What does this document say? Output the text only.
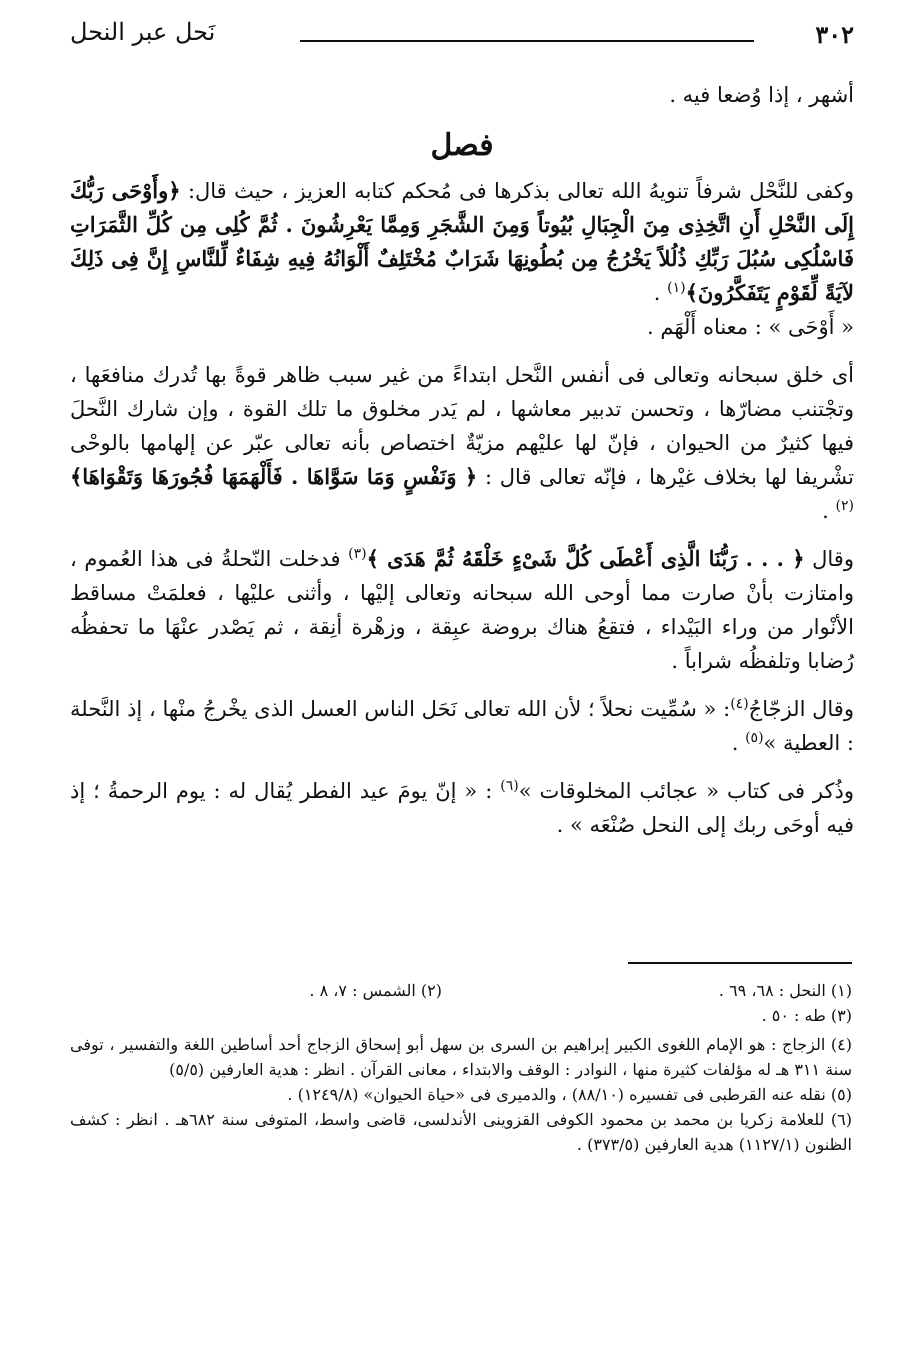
٣٠٢
نَحل عبر النحل

أشهر ، إذا وُضعا فيه .

فصل

وكفى للنَّحْل شرفاً تنويهُ الله تعالى بذكرها فى مُحكم كتابه العزيز ، حيث قال: ﴿وأَوْحَى رَبُّكَ إِلَى النَّحْلِ أَنِ اتَّخِذِى مِنَ الْجِبَالِ بُيُوتاً وَمِنَ الشَّجَرِ وَمِمَّا يَعْرِشُونَ . ثُمَّ كُلِى مِن كُلِّ الثَّمَرَاتِ فَاسْلُكِى سُبُلَ رَبِّكِ ذُلُلاً يَخْرُجُ مِن بُطُونِهَا شَرَابٌ مُخْتَلِفٌ أَلْوَانُهُ فِيهِ شِفَاءٌ لِّلنَّاسِ إِنَّ فِى ذَلِكَ لآيَةً لِّقَوْمٍ يَتَفَكَّرُونَ﴾$^{(١)}$ .

« أَوْحَى » : معناه أَلْهَم .

أى خلق سبحانه وتعالى فى أنفس النَّحل ابتداءً من غير سبب ظاهر قوةً بها تُدرك منافعَها ، وتجْتنب مضارّها ، وتحسن تدبير معاشها ، لم يَدر مخلوق ما تلك القوة ، وإن شارك النَّحلَ فيها كثيرٌ من الحيوان ، فإنّ لها عليْهم مزيّةٌ اختصاص بأنه تعالى عبّر عن إلهامها بالوحْى تشْريفا لها بخلاف غيْرها ، فإنّه تعالى قال : ﴿ وَنَفْسٍ وَمَا سَوَّاهَا . فَأَلْهَمَهَا فُجُورَهَا وَتَقْوَاهَا﴾$^{(٢)}$ .

وقال ﴿ . . . رَبُّنَا الَّذِى أَعْطَى كُلَّ شَىْءٍ خَلْقَهُ ثُمَّ هَدَى ﴾$^{(٣)}$ فدخلت النّحلةُ فى هذا العُموم ، وامتازت بأنْ صارت مما أوحى الله سبحانه وتعالى إليْها ، وأثنى عليْها ، فعلمَتْ مساقط الأنْوار من وراء البَيْداء ، فتقعُ هناك بروضة عبِقة ، وزهْرة أنِقة ، ثم يَصْدر عنْهَا ما تحفظُه رُضابا وتلفظُه شراباً .

وقال الزجّاجُ$^{(٤)}$: « سُمِّيت نحلاً ؛ لأن الله تعالى نَحَل الناس العسل الذى يخْرجُ منْها ، إذ النَّحلة : العطية »$^{(٥)}$ .

وذُكر فى كتاب « عجائب المخلوقات »$^{(٦)}$ : « إنّ يومَ عيد الفطر يُقال له : يوم الرحمةُ ؛ إذ فيه أوحَى ربك إلى النحل صُنْعَه » .

(١) النحل : ٦٨، ٦٩ .
(٢) الشمس : ٧، ٨ .

(٣) طه : ٥٠ .

(٤) الزجاج : هو الإمام اللغوى الكبير إبراهيم بن السرى بن سهل أبو إسحاق الزجاج أحد أساطين اللغة والتفسير ، توفى سنة ٣١١ هـ له مؤلفات كثيرة منها ، النوادر : الوقف والابتداء ، معانى القرآن . انظر : هدية العارفين (٥/٥)

(٥) نقله عنه القرطبى فى تفسيره (٨٨/١٠) ، والدميرى فى «حياة الحيوان» (١٢٤٩/٨) .

(٦) للعلامة زكريا بن محمد بن محمود الكوفى القزوينى الأندلسى، قاضى واسط، المتوفى سنة ٦٨٢هـ . انظر : كشف الظنون (١١٢٧/١) هدية العارفين (٣٧٣/٥) .
